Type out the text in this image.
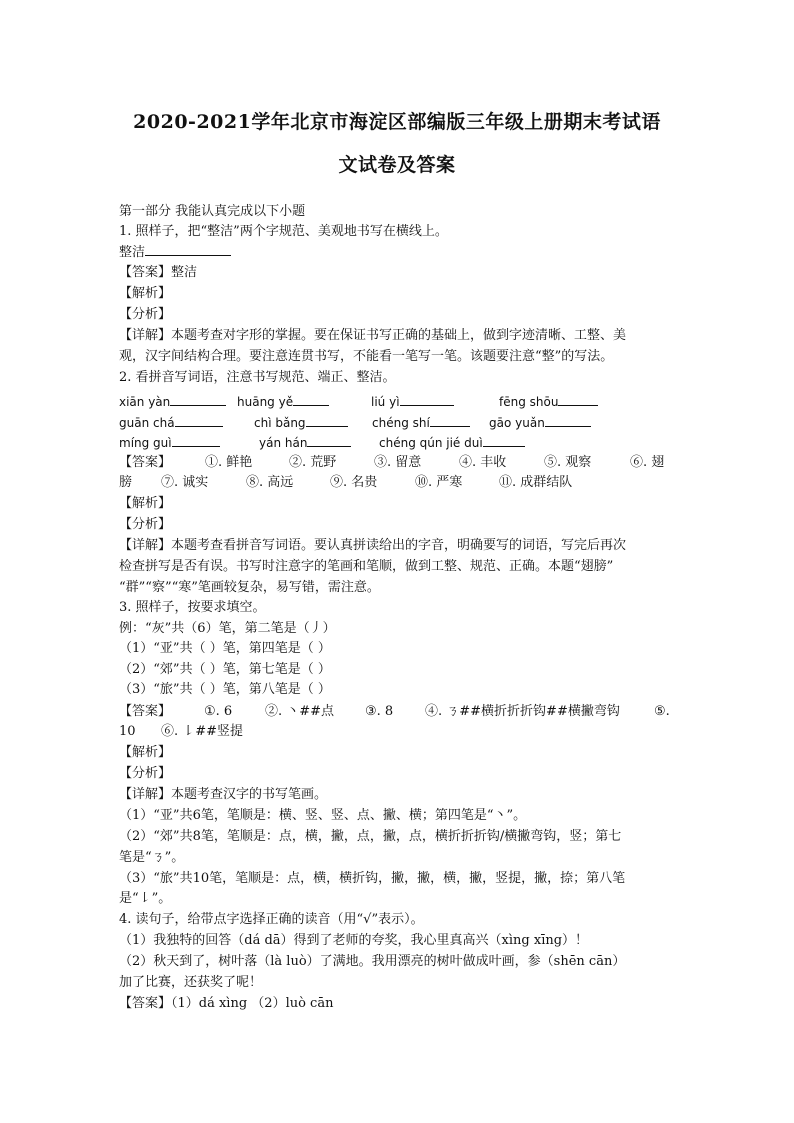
2020-2021学年北京市海淀区部编版三年级上册期末考试语
文试卷及答案
第一部分 我能认真完成以下小题
1. 照样子，把“整洁”两个字规范、美观地书写在横线上。
整洁
【答案】整洁
【解析】
【分析】
【详解】本题考查对字形的掌握。要在保证书写正确的基础上，做到字迹清晰、工整、美
观，汉字间结构合理。要注意连贯书写，不能看一笔写一笔。该题要注意“整”的写法。
2. 看拼音写词语，注意书写规范、端正、整洁。
xiān yàn	huāng yě	liú yì	fēng shōu
guān chá	chì bǎng	chéng shí	gāo yuǎn
míng guì	yán hán	chéng qún jié duì
【答案】	①. 鲜艳	②. 荒野	③. 留意	④. 丰收	⑤. 观察	⑥. 翅
膀 ⑦. 诚实	⑧. 高远	⑨. 名贵	⑩. 严寒	⑪. 成群结队
【解析】
【分析】
【详解】本题考查看拼音写词语。要认真拼读给出的字音，明确要写的词语，写完后再次
检查拼写是否有误。书写时注意字的笔画和笔顺，做到工整、规范、正确。本题“翅膀”
“群”“察”“寒”笔画较复杂，易写错，需注意。
3. 照样子，按要求填空。
例：“灰”共（6）笔，第二笔是（丿）
（1）“亚”共（ ）笔，第四笔是（ ）
（2）“郊”共（ ）笔，第七笔是（ ）
（3）“旅”共（ ）笔，第八笔是（ ）
【答案】	①. 6	②. 丶##点 ③. 8 ④. ㄋ##横折折折钩##横撇弯钩	⑤.
10 ⑥. ㇙##竖提
【解析】
【分析】
【详解】本题考查汉字的书写笔画。
（1）“亚”共6笔，笔顺是：横、竖、竖、点、撇、横；第四笔是“丶”。
（2）“郊”共8笔，笔顺是：点，横，撇，点，撇，点，横折折折钩/横撇弯钩，竖；第七
笔是“ㄋ”。
（3）“旅”共10笔，笔顺是：点，横，横折钩，撇，撇，横，撇，竖提，撇，捺；第八笔
是“㇙”。
4. 读句子，给带点字选择正确的读音（用“√”表示）。
（1）我独特的回答（dá dā）得到了老师的夸奖，我心里真高兴（xìng xīng）！
（2）秋天到了，树叶落（là luò）了满地。我用漂亮的树叶做成叶画，参（shēn cān）
加了比赛，还获奖了呢！
【答案】（1）dá xìng （2）luò cān
